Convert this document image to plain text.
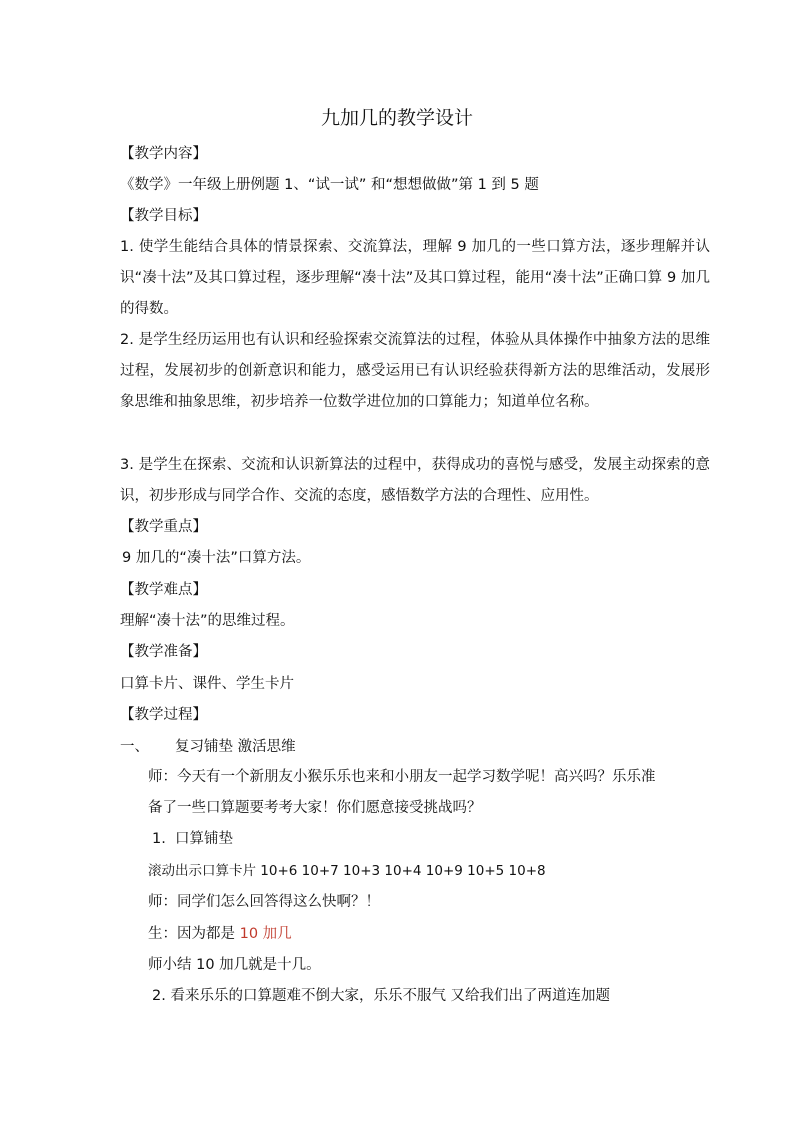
九加几的教学设计
【教学内容】
《数学》一年级上册例题 1、“试一试” 和“想想做做”第 1 到 5 题
【教学目标】
1. 使学生能结合具体的情景探索、交流算法，理解 9 加几的一些口算方法，逐步理解并认识“凑十法”及其口算过程，逐步理解“凑十法”及其口算过程，能用“凑十法”正确口算 9 加几的得数。
2. 是学生经历运用也有认识和经验探索交流算法的过程，体验从具体操作中抽象方法的思维过程，发展初步的创新意识和能力，感受运用已有认识经验获得新方法的思维活动，发展形象思维和抽象思维，初步培养一位数学进位加的口算能力；知道单位名称。
3. 是学生在探索、交流和认识新算法的过程中，获得成功的喜悦与感受，发展主动探索的意识，初步形成与同学合作、交流的态度，感悟数学方法的合理性、应用性。
【教学重点】
9 加几的“凑十法”口算方法。
【教学难点】
理解“凑十法”的思维过程。
【教学准备】
口算卡片、课件、学生卡片
【教学过程】
一、 复习铺垫 激活思维
师：今天有一个新朋友小猴乐乐也来和小朋友一起学习数学呢！高兴吗？乐乐准
备了一些口算题要考考大家！你们愿意接受挑战吗？
1. 口算铺垫
滚动出示口算卡片 10+6 10+7 10+3 10+4 10+9 10+5 10+8
师：同学们怎么回答得这么快啊？！
生：因为都是 10 加几
师小结 10 加几就是十几。
2. 看来乐乐的口算题难不倒大家，乐乐不服气 又给我们出了两道连加题
